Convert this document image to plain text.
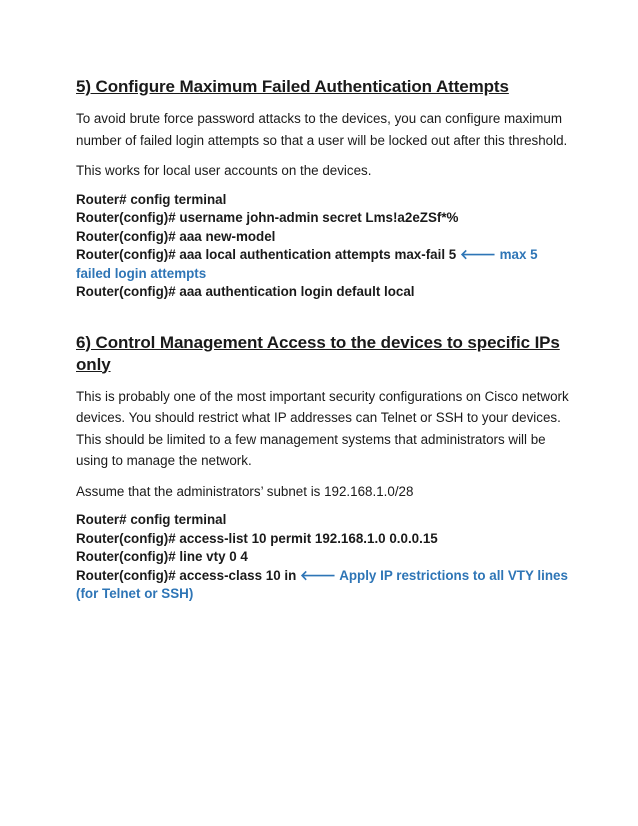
5) Configure Maximum Failed Authentication Attempts

To avoid brute force password attacks to the devices, you can configure maximum number of failed login attempts so that a user will be locked out after this threshold.

This works for local user accounts on the devices.

Router# config terminal
Router(config)# username john-admin secret Lms!a2eZSf*%
Router(config)# aaa new-model
Router(config)# aaa local authentication attempts max-fail 5 🡐 max 5 failed login attempts
Router(config)# aaa authentication login default local
6) Control Management Access to the devices to specific IPs only

This is probably one of the most important security configurations on Cisco network devices. You should restrict what IP addresses can Telnet or SSH to your devices. This should be limited to a few management systems that administrators will be using to manage the network.

Assume that the administrators’ subnet is 192.168.1.0/28

Router# config terminal
Router(config)# access-list 10 permit 192.168.1.0 0.0.0.15
Router(config)# line vty 0 4
Router(config)# access-class 10 in 🡐 Apply IP restrictions to all VTY lines (for Telnet or SSH)
